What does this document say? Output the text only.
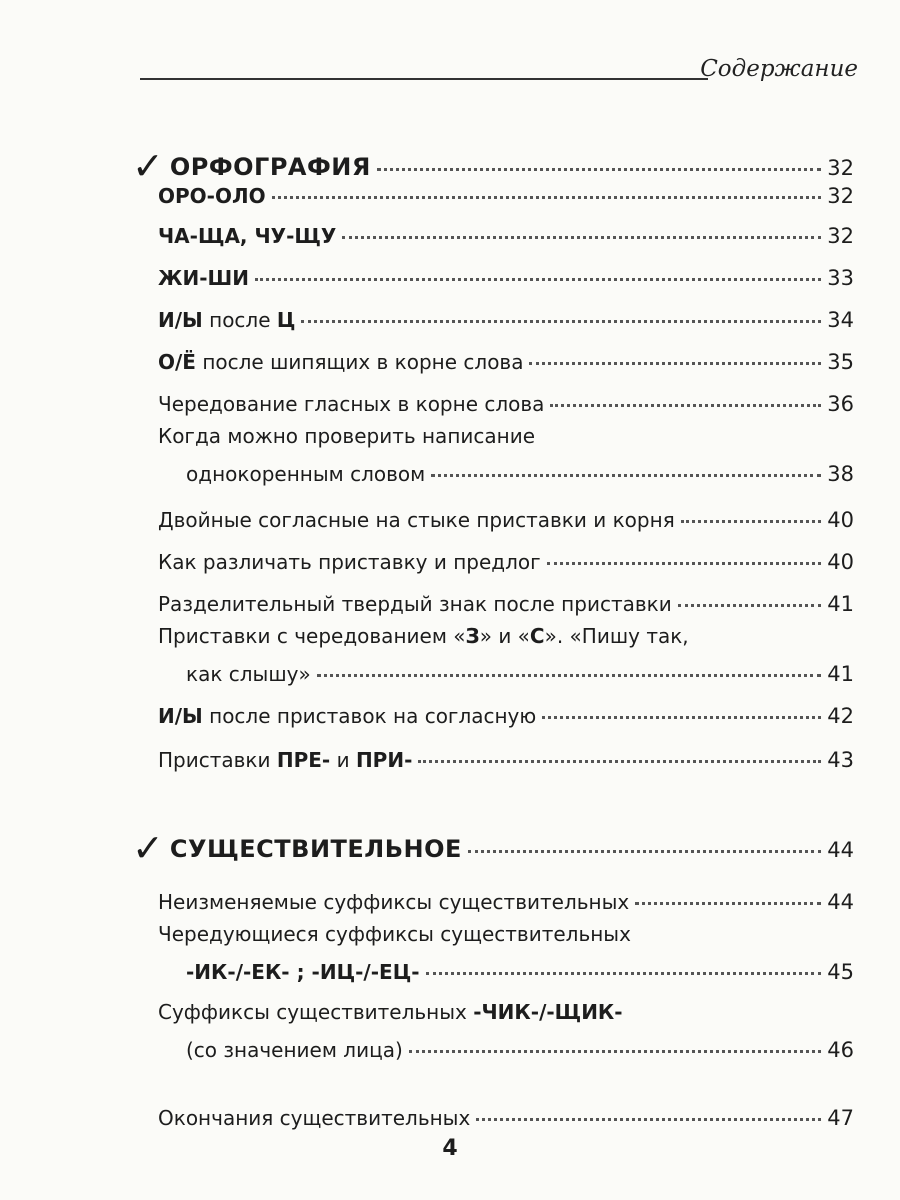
Содержание
✓ ОРФОГРАФИЯ	32
ОРО-ОЛО	32
ЧА-ЩА, ЧУ-ЩУ	32
ЖИ-ШИ	33
И/Ы после Ц	34
О/Ё после шипящих в корне слова	35
Чередование гласных в корне слова	36
Когда можно проверить написание
однокоренным словом	38
Двойные согласные на стыке приставки и корня	40
Как различать приставку и предлог	40
Разделительный твердый знак после приставки	41
Приставки с чередованием «З» и «С». «Пишу так,
как слышу»	41
И/Ы после приставок на согласную	42
Приставки ПРЕ- и ПРИ-	43
✓ СУЩЕСТВИТЕЛЬНОЕ	44
Неизменяемые суффиксы существительных	44
Чередующиеся суффиксы существительных
-ИК-/-ЕК- ; -ИЦ-/-ЕЦ-	45
Суффиксы существительных -ЧИК-/-ЩИК-
(со значением лица)	46
Окончания существительных	47
4
